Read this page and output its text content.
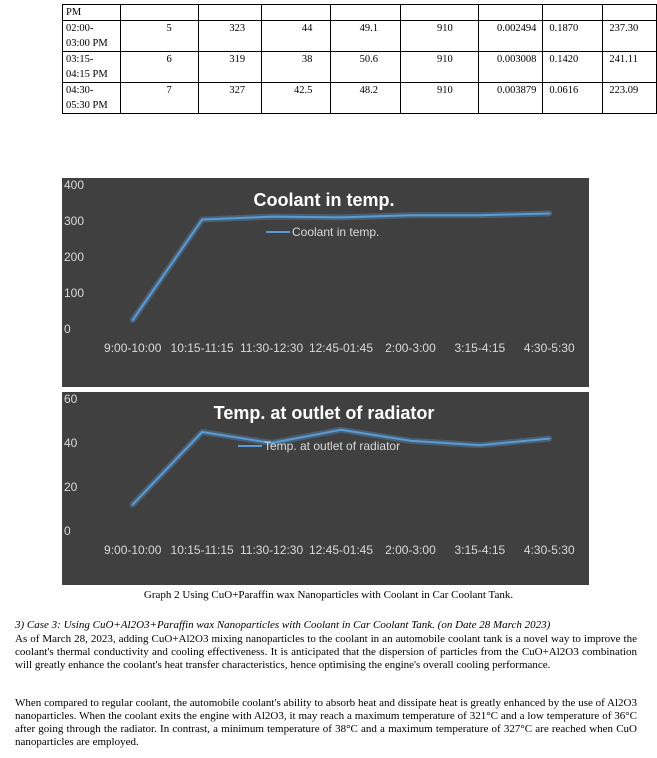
PM								
02:00-03:00 PM	5	323	44	49.1	910	0.002494	0.1870	237.30
03:15-04:15 PM	6	319	38	50.6	910	0.003008	0.1420	241.11
04:30-05:30 PM	7	327	42.5	48.2	910	0.003879	0.0616	223.09
Coolant in temp.
0
100
200
300
400
9:00-10:00 10:15-11:15 11:30-12:30 12:45-01:45 2:00-3:00 3:15-4:15 4:30-5:30
Coolant in temp.
Temp. at outlet of radiator
0
20
40
60
9:00-10:00 10:15-11:15 11:30-12:30 12:45-01:45 2:00-3:00 3:15-4:15 4:30-5:30
Temp. at outlet of radiator
Graph 2 Using CuO+Paraffin wax Nanoparticles with Coolant in Car Coolant Tank.
3) Case 3: Using CuO+Al2O3+Paraffin wax Nanoparticles with Coolant in Car Coolant Tank. (on Date 28 March 2023)
As of March 28, 2023, adding CuO+Al2O3 mixing nanoparticles to the coolant in an automobile coolant tank is a novel way to improve the coolant's thermal conductivity and cooling effectiveness. It is anticipated that the dispersion of particles from the CuO+Al2O3 combination will greatly enhance the coolant's heat transfer characteristics, hence optimising the engine's overall cooling performance.
When compared to regular coolant, the automobile coolant's ability to absorb heat and dissipate heat is greatly enhanced by the use of Al2O3 nanoparticles. When the coolant exits the engine with Al2O3, it may reach a maximum temperature of 321°C and a low temperature of 36°C after going through the radiator. In contrast, a minimum temperature of 38°C and a maximum temperature of 327°C are reached when CuO nanoparticles are employed.
